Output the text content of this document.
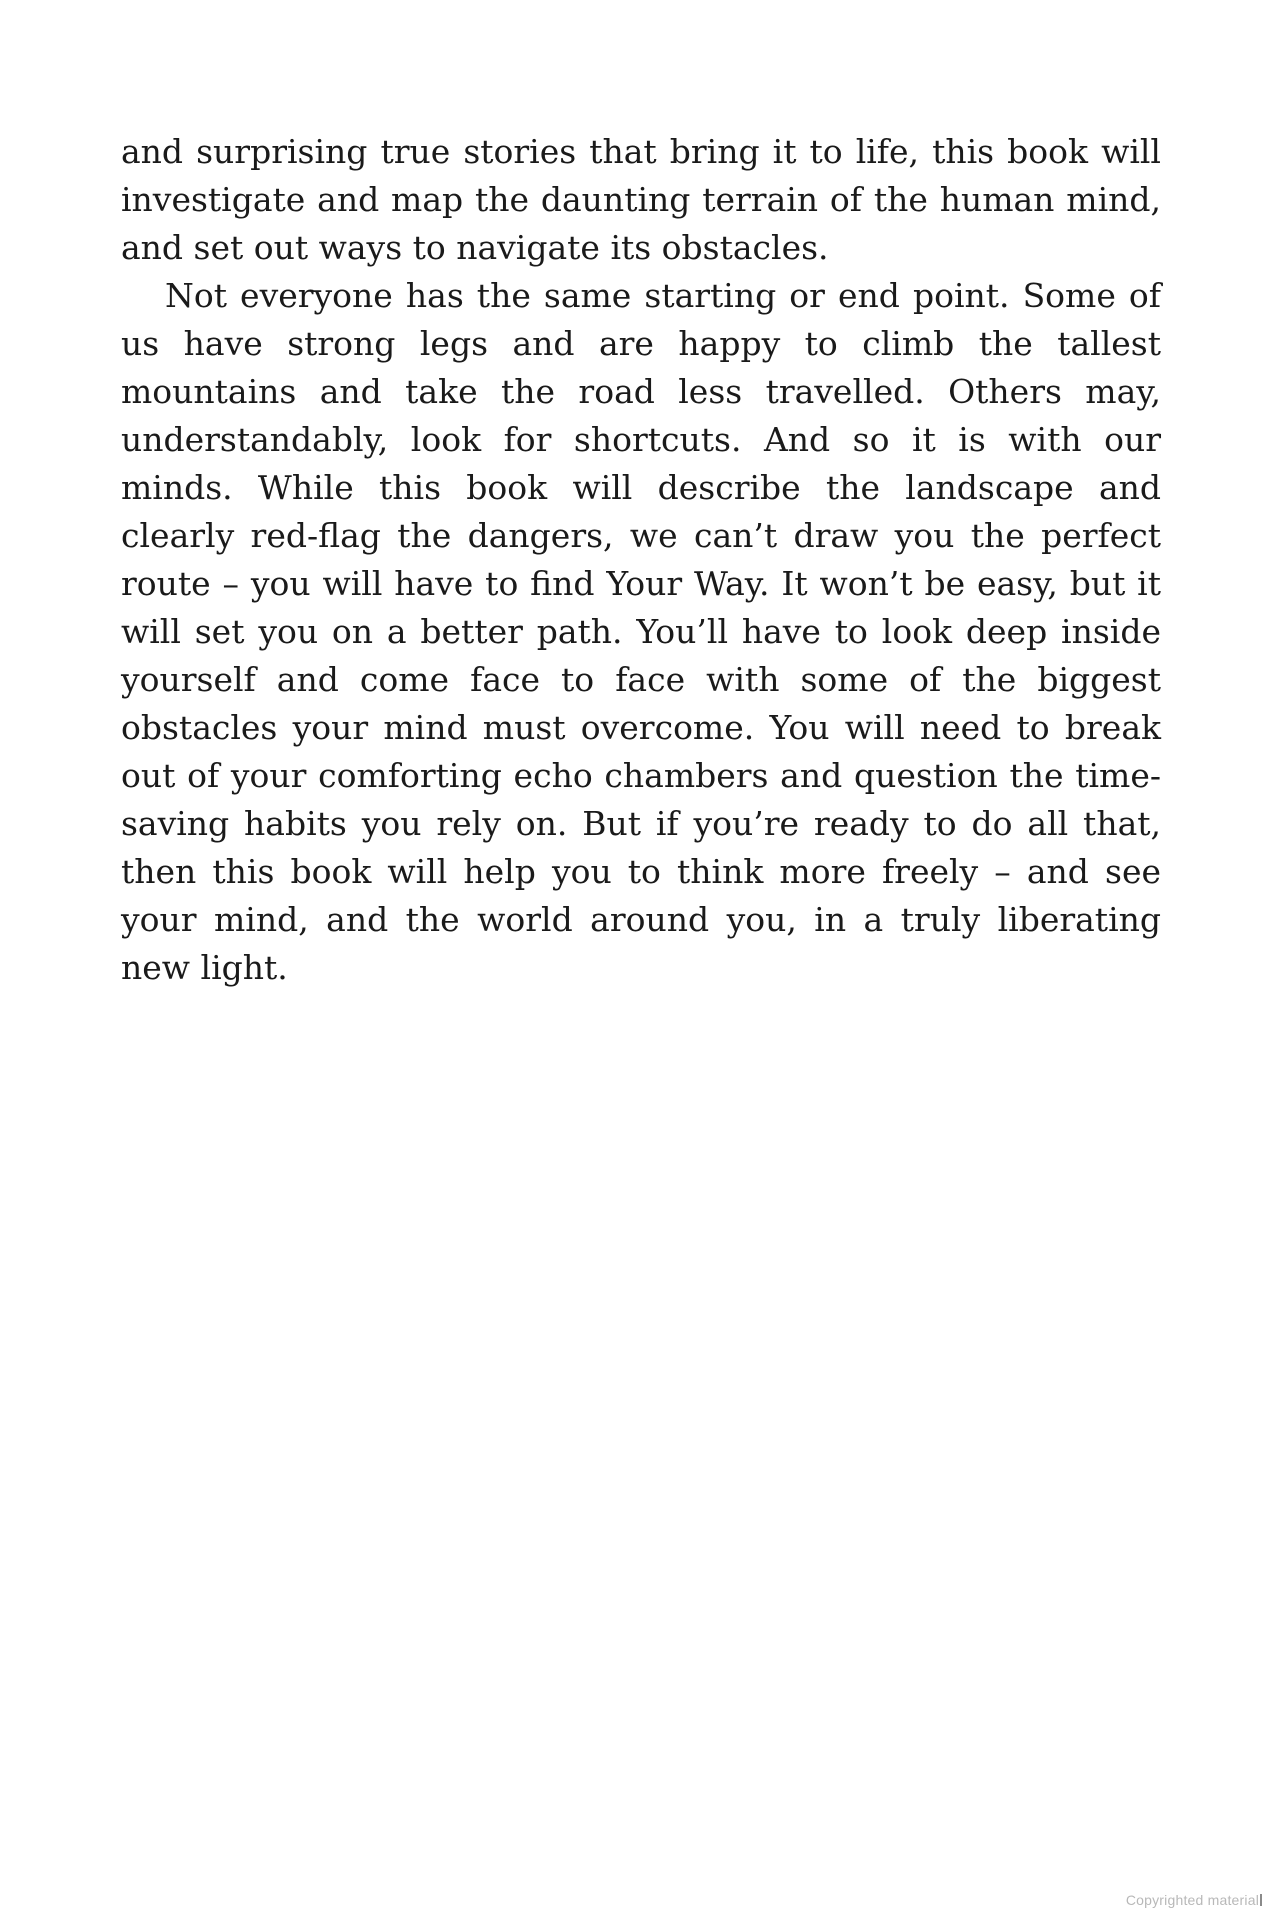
and surprising true stories that bring it to life, this book will investigate and map the daunting terrain of the human mind, and set out ways to navigate its obstacles.

Not everyone has the same starting or end point. Some of us have strong legs and are happy to climb the tallest mountains and take the road less travelled. Others may, understandably, look for shortcuts. And so it is with our minds. While this book will describe the landscape and clearly red-flag the dangers, we can’t draw you the perfect route – you will have to find Your Way. It won’t be easy, but it will set you on a better path. You’ll have to look deep inside yourself and come face to face with some of the biggest obstacles your mind must overcome. You will need to break out of your comforting echo chambers and question the time-saving habits you rely on. But if you’re ready to do all that, then this book will help you to think more freely – and see your mind, and the world around you, in a truly liberating new light.

Copyrighted material
